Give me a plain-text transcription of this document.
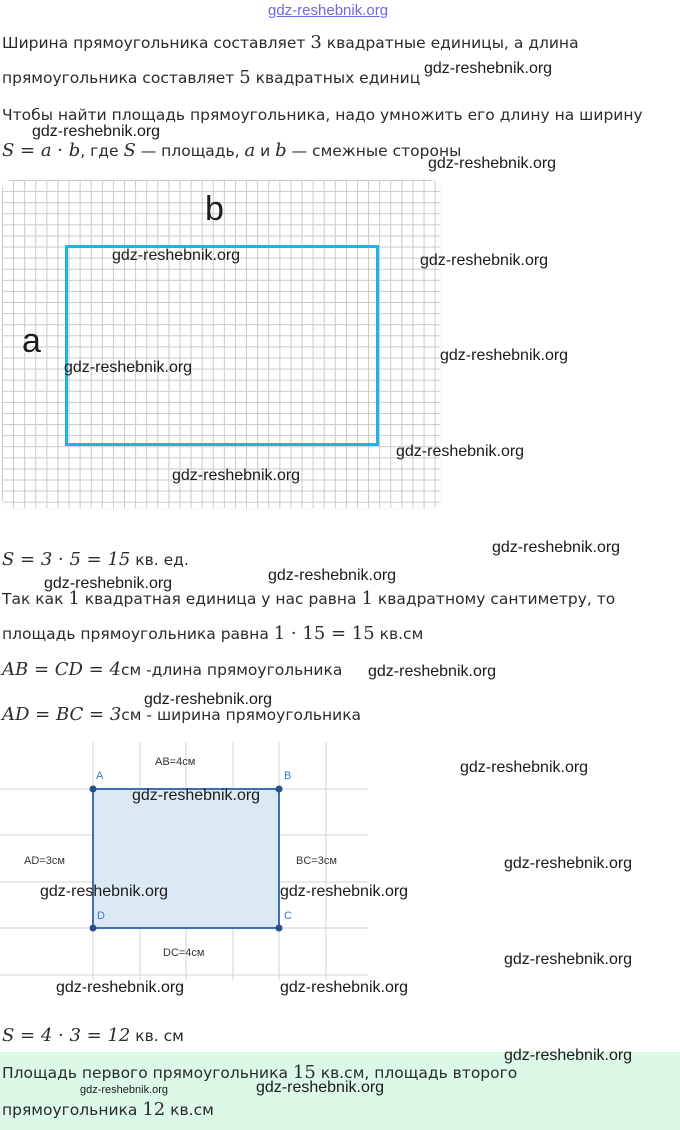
gdz-reshebnik.org
Ширина прямоугольника составляет 3 квадратные единицы, а длина
прямоугольника составляет 5 квадратных единиц
Чтобы найти площадь прямоугольника, надо умножить его длину на ширину
S = a · b, где S — площадь, a и b — смежные стороны
b
a
S = 3 · 5 = 15 кв. ед.
Так как 1 квадратная единица у нас равна 1 квадратному сантиметру, то
площадь прямоугольника равна 1 · 15 = 15 кв.см
AB = CD = 4см -длина прямоугольника
AD = BC = 3см - ширина прямоугольника
AB=4см
AD=3см	BC=3см
DC=4см
A	B
C
D
S = 4 · 3 = 12 кв. см
Площадь первого прямоугольника 15 кв.см, площадь второго
прямоугольника 12 кв.см
gdz-reshebnik.org
gdz-reshebnik.org
gdz-reshebnik.org
gdz-reshebnik.org	gdz-reshebnik.org
gdz-reshebnik.org
gdz-reshebnik.org
gdz-reshebnik.org
gdz-reshebnik.org
gdz-reshebnik.org
gdz-reshebnik.org
gdz-reshebnik.org
gdz-reshebnik.org
gdz-reshebnik.org
gdz-reshebnik.org
gdz-reshebnik.org
gdz-reshebnik.org
gdz-reshebnik.org	gdz-reshebnik.org
gdz-reshebnik.org
gdz-reshebnik.org	gdz-reshebnik.org
gdz-reshebnik.org
gdz-reshebnik.org
gdz-reshebnik.org
